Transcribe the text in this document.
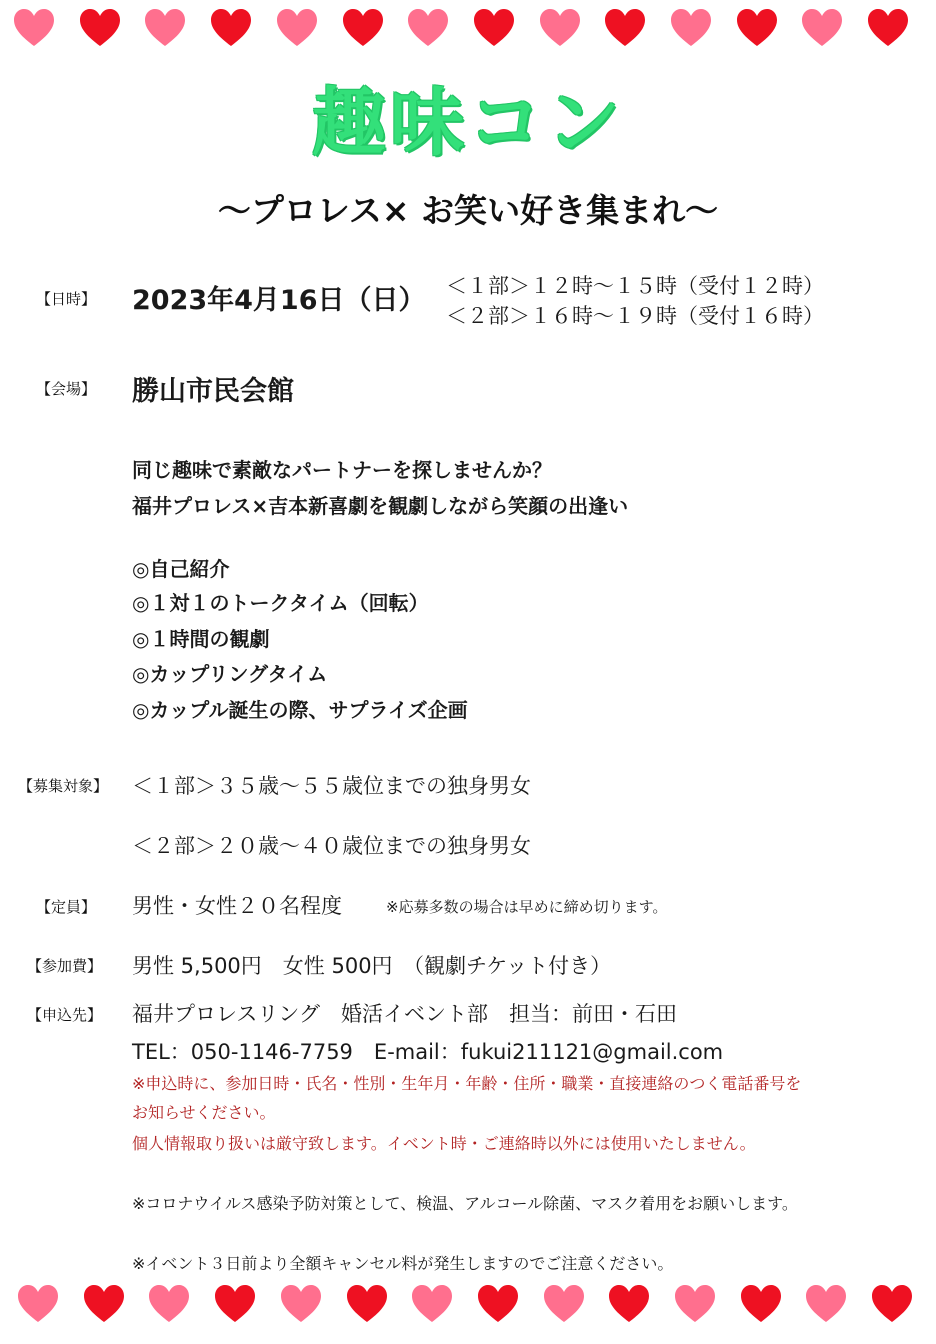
趣味コン
～プロレス× お笑い好き集まれ～
【日時】 2023年4月16日（日） ＜１部＞１２時～１５時（受付１２時）
＜２部＞１６時～１９時（受付１６時）
【会場】 勝山市民会館
同じ趣味で素敵なパートナーを探しませんか？
福井プロレス×吉本新喜劇を観劇しながら笑顔の出逢い
◎自己紹介
◎１対１のトークタイム（回転）
◎１時間の観劇
◎カップリングタイム
◎カップル誕生の際、サプライズ企画
【募集対象】 ＜１部＞３５歳～５５歳位までの独身男女
＜２部＞２０歳～４０歳位までの独身男女
【定員】 男性・女性２０名程度	※応募多数の場合は早めに締め切ります。
【参加費】 男性 5,500円　女性 500円　（観劇チケット付き）
【申込先】 福井プロレスリング　婚活イベント部　担当：前田・石田
TEL：050-1146-7759　E-mail：fukui211121@gmail.com
※申込時に、参加日時・氏名・性別・生年月・年齢・住所・職業・直接連絡のつく電話番号を
お知らせください。
個人情報取り扱いは厳守致します。イベント時・ご連絡時以外には使用いたしません。
※コロナウイルス感染予防対策として、検温、アルコール除菌、マスク着用をお願いします。
※イベント３日前より全額キャンセル料が発生しますのでご注意ください。
